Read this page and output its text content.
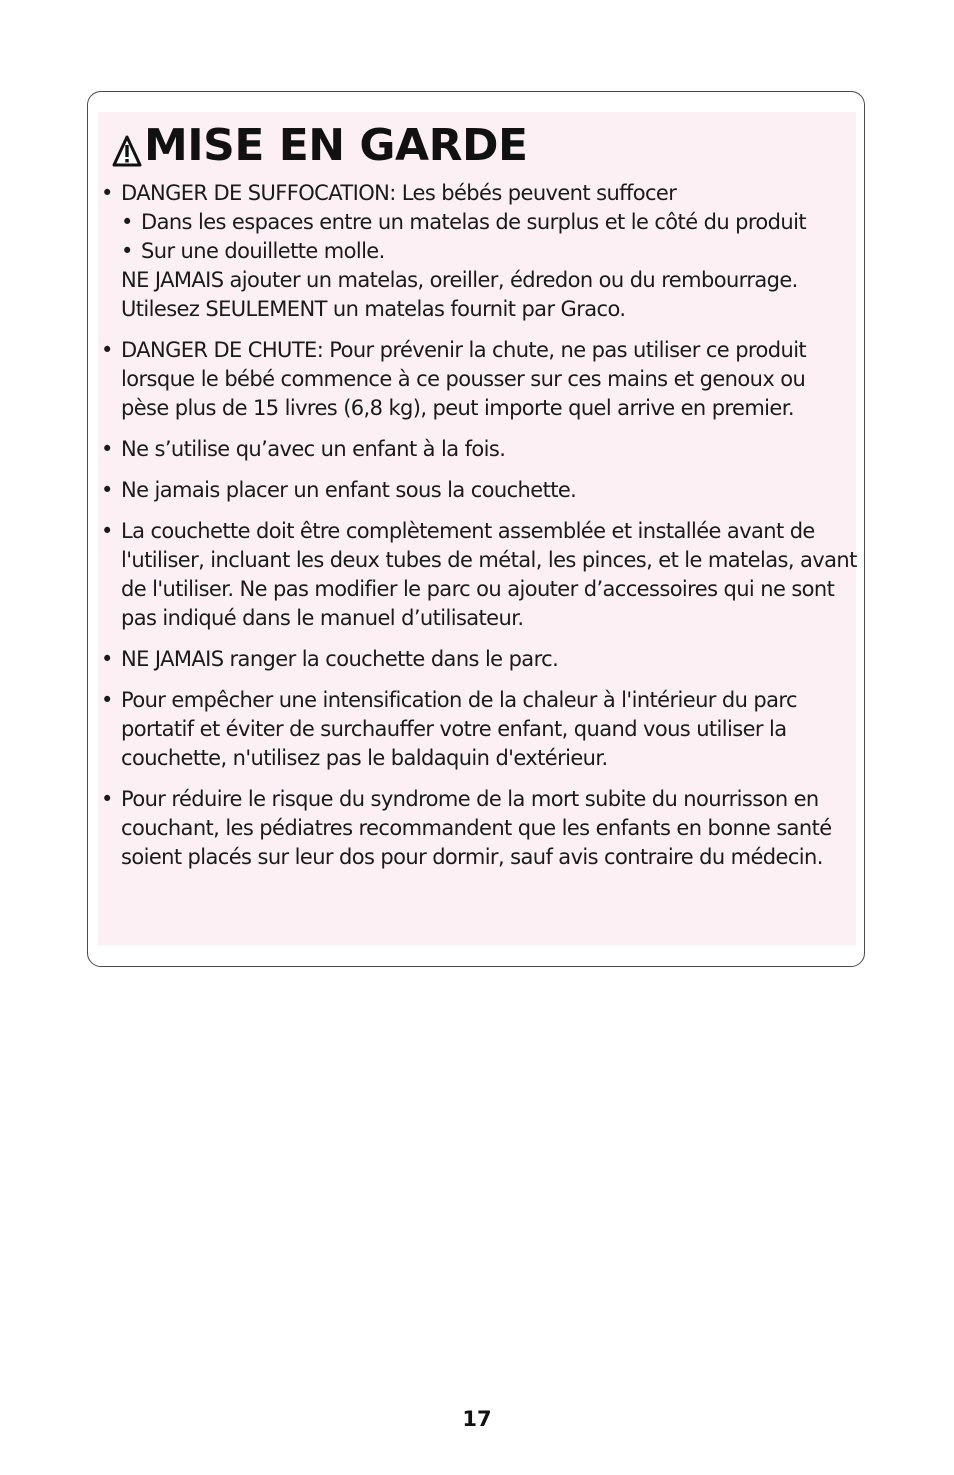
MISE EN GARDE
• DANGER DE SUFFOCATION: Les bébés peuvent suffocer
• Dans les espaces entre un matelas de surplus et le côté du produit
• Sur une douillette molle.
NE JAMAIS ajouter un matelas, oreiller, édredon ou du rembourrage. Utilesez SEULEMENT un matelas fournit par Graco.
• DANGER DE CHUTE: Pour prévenir la chute, ne pas utiliser ce produit lorsque le bébé commence à ce pousser sur ces mains et genoux ou pèse plus de 15 livres (6,8 kg), peut importe quel arrive en premier.
• Ne s’utilise qu’avec un enfant à la fois.
• Ne jamais placer un enfant sous la couchette.
• La couchette doit être complètement assemblée et installée avant de l'utiliser, incluant les deux tubes de métal, les pinces, et le matelas, avant de l'utiliser. Ne pas modifier le parc ou ajouter d’accessoires qui ne sont pas indiqué dans le manuel d’utilisateur.
• NE JAMAIS ranger la couchette dans le parc.
• Pour empêcher une intensification de la chaleur à l'intérieur du parc portatif et éviter de surchauffer votre enfant, quand vous utiliser la couchette, n'utilisez pas le baldaquin d'extérieur.
• Pour réduire le risque du syndrome de la mort subite du nourrisson en couchant, les pédiatres recommandent que les enfants en bonne santé soient placés sur leur dos pour dormir, sauf avis contraire du médecin.
17
